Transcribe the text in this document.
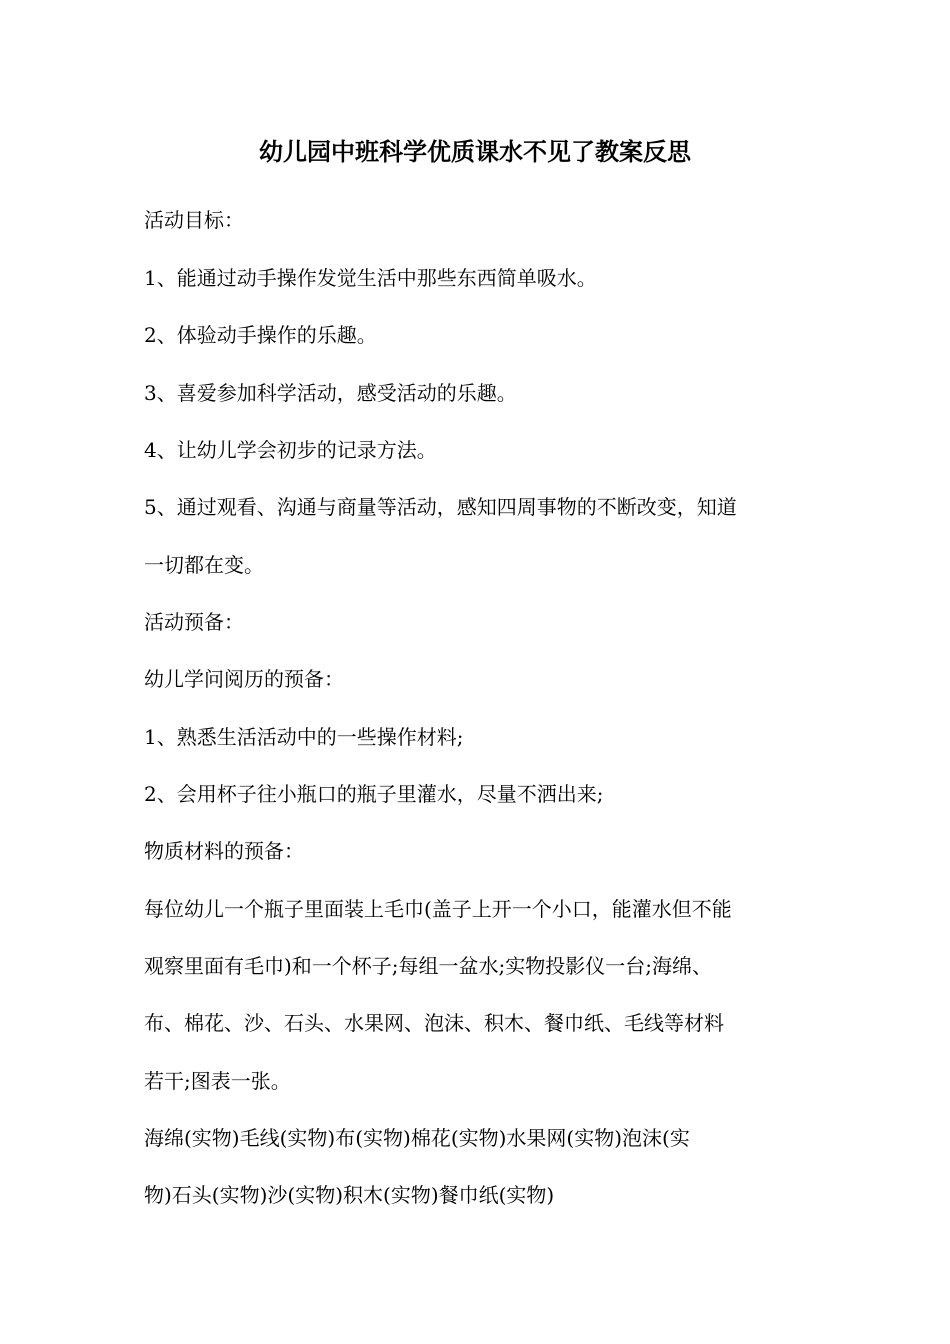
幼儿园中班科学优质课水不见了教案反思
活动目标：
1、能通过动手操作发觉生活中那些东西简单吸水。
2、体验动手操作的乐趣。
3、喜爱参加科学活动，感受活动的乐趣。
4、让幼儿学会初步的记录方法。
5、通过观看、沟通与商量等活动，感知四周事物的不断改变，知道
一切都在变。
活动预备：
幼儿学问阅历的预备：
1、熟悉生活活动中的一些操作材料;
2、会用杯子往小瓶口的瓶子里灌水，尽量不洒出来;
物质材料的预备：
每位幼儿一个瓶子里面装上毛巾(盖子上开一个小口，能灌水但不能
观察里面有毛巾)和一个杯子;每组一盆水;实物投影仪一台;海绵、
布、棉花、沙、石头、水果网、泡沫、积木、餐巾纸、毛线等材料
若干;图表一张。
海绵(实物)毛线(实物)布(实物)棉花(实物)水果网(实物)泡沫(实
物)石头(实物)沙(实物)积木(实物)餐巾纸(实物)
